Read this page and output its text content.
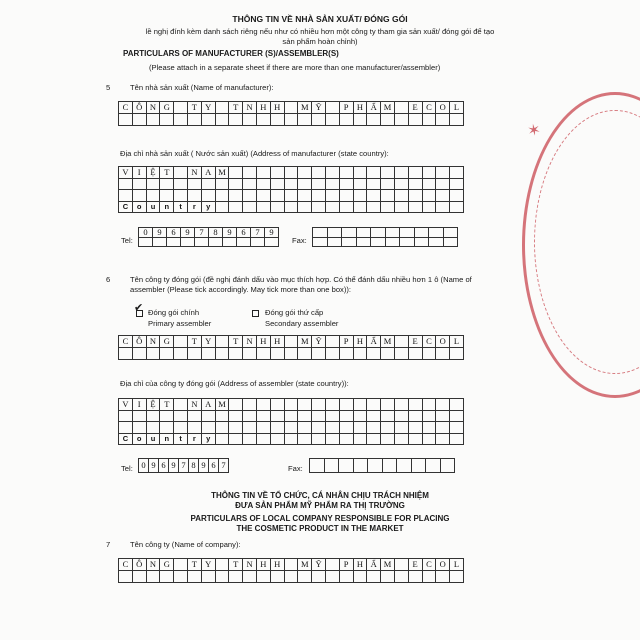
THÔNG TIN VỀ NHÀ SẢN XUẤT/ ĐÓNG GÓI
lề nghị đính kèm danh sách riêng nếu như có nhiều hơn một công ty tham gia sản xuất/ đóng gói để tạo
sản phẩm hoàn chỉnh)
PARTICULARS OF MANUFACTURER (S)/ASSEMBLER(S)
(Please attach in a separate sheet if there are more than one manufacturer/assembler)
5	Tên nhà sản xuất (Name of manufacturer):
C Ô N G	T Y	T N H H	M Ỹ	P H Ẩ M	E C O L
Địa chỉ nhà sản xuất ( Nước sản xuất) (Address of manufacturer (state country):
V	I	Ệ	T	N A M
C	o	u	n	t	r	y
Tel:
0	9	6	9	7	8	9	6	7	9
Fax:
6	Tên công ty đóng gói (đề nghị đánh dấu vào mục thích hợp. Có thể đánh dấu nhiều hơn 1 ô (Name of
assembler (Please tick accordingly. May tick more than one box)):
✔ Đóng gói chính
Primary assembler
Đóng gói thứ cấp
Secondary assembler
C Ô N G	T Y	T N H H	M Ỹ	P H Ẩ M	E C O L
Địa chỉ của công ty đóng gói (Address of assembler (state country)):
V	I	Ệ	T	N A M
C	o	u	n	t	r	y
Tel: 0 9 6 9 7 8 9 6 7	Fax:
THÔNG TIN VỀ TỔ CHỨC, CÁ NHÂN CHỊU TRÁCH NHIỆM
ĐƯA SẢN PHẨM MỸ PHẨM RA THỊ TRƯỜNG
PARTICULARS OF LOCAL COMPANY RESPONSIBLE FOR PLACING
THE COSMETIC PRODUCT IN THE MARKET
7	Tên công ty (Name of company):
C Ô N G	T Y	T N H H	M Ỹ	P H Ẩ M	E C O L
✶
